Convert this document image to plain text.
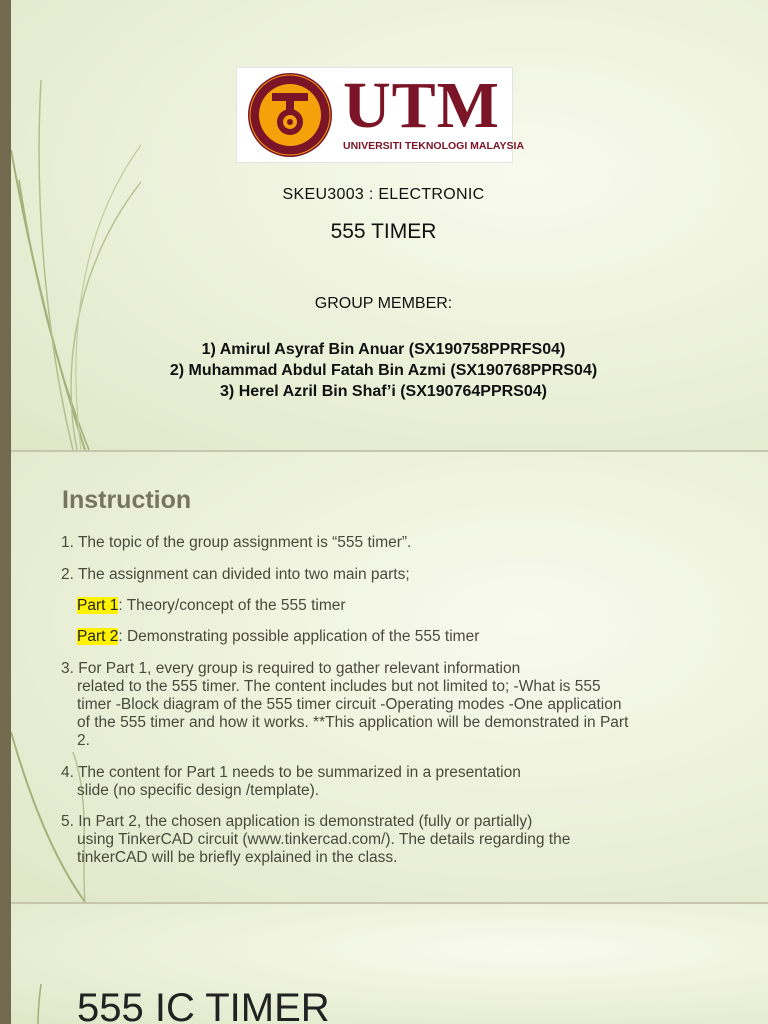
UTM
UNIVERSITI TEKNOLOGI MALAYSIA
SKEU3003 : ELECTRONIC
555 TIMER
GROUP MEMBER:
1) Amirul Asyraf Bin Anuar (SX190758PPRFS04)
2) Muhammad Abdul Fatah Bin Azmi (SX190768PPRS04)
3) Herel Azril Bin Shaf’i (SX190764PPRS04)
Instruction
1. The topic of the group assignment is “555 timer”.
2. The assignment can divided into two main parts;
Part 1: Theory/concept of the 555 timer
Part 2: Demonstrating possible application of the 555 timer
3. For Part 1, every group is required to gather relevant information
related to the 555 timer. The content includes but not limited to; -What is 555 timer -Block diagram of the 555 timer circuit -Operating modes -One application of the 555 timer and how it works. **This application will be demonstrated in Part 2.
4. The content for Part 1 needs to be summarized in a presentation
slide (no specific design /template).
5. In Part 2, the chosen application is demonstrated (fully or partially)
using TinkerCAD circuit (www.tinkercad.com/). The details regarding the tinkerCAD will be briefly explained in the class.
555 IC TIMER
